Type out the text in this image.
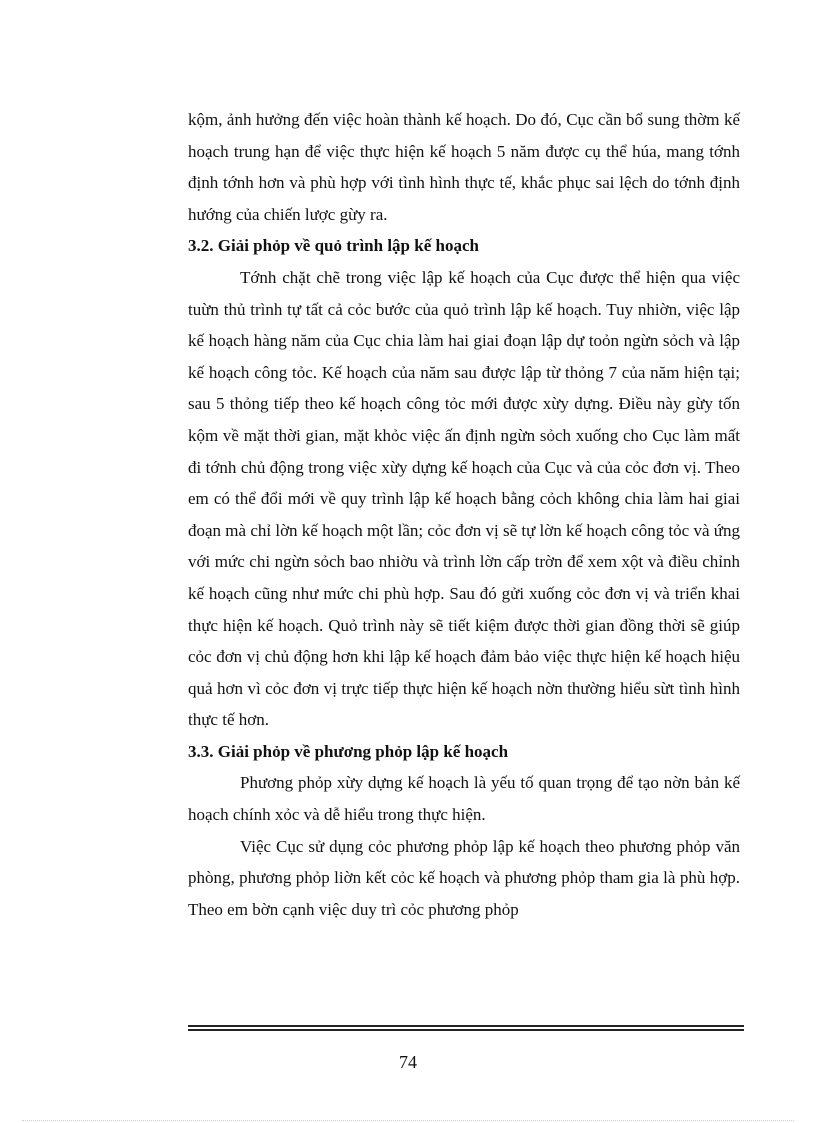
kộm, ảnh hưởng đến việc hoàn thành kế hoạch. Do đó, Cục cần bổ sung thờm kế hoạch trung hạn để việc thực hiện kế hoạch 5 năm được cụ thể húa, mang tớnh định tớnh hơn và phù hợp với tình hình thực tế, khắc phục sai lệch do tớnh định hướng của chiến lược gừy ra.

3.2. Giải phỏp về quỏ trình lập kế hoạch

Tớnh chặt chẽ trong việc lập kế hoạch của Cục được thể hiện qua việc tuừn thủ trình tự tất cả cỏc bước của quỏ trình lập kế hoạch. Tuy nhiờn, việc lập kế hoạch hàng năm của Cục chia làm hai giai đoạn lập dự toỏn ngừn sỏch và lập kế hoạch công tỏc. Kế hoạch của năm sau được lập từ thỏng 7 của năm hiện tại; sau 5 thỏng tiếp theo kế hoạch công tỏc mới được xừy dựng. Điều này gừy tốn kộm về mặt thời gian, mặt khỏc việc ấn định ngừn sỏch xuống cho Cục làm mất đi tớnh chủ động trong việc xừy dựng kế hoạch của Cục và của cỏc đơn vị. Theo em có thể đổi mới về quy trình lập kế hoạch bằng cỏch không chia làm hai giai đoạn mà chỉ lờn kế hoạch một lần; cỏc đơn vị sẽ tự lờn kế hoạch công tỏc và ứng với mức chi ngừn sỏch bao nhiờu và trình lờn cấp trờn để xem xột và điều chỉnh kế hoạch cũng như mức chi phù hợp. Sau đó gửi xuống cỏc đơn vị và triển khai thực hiện kế hoạch. Quỏ trình này sẽ tiết kiệm được thời gian đồng thời sẽ giúp cỏc đơn vị chủ động hơn khi lập kế hoạch đảm bảo việc thực hiện kế hoạch hiệu quả hơn vì cỏc đơn vị trực tiếp thực hiện kế hoạch nờn thường hiểu sừt tình hình thực tế hơn.

3.3. Giải phỏp về phương phỏp lập kế hoạch

Phương phỏp xừy dựng kế hoạch là yếu tố quan trọng để tạo nờn bản kế hoạch chính xỏc và dễ hiểu trong thực hiện.

Việc Cục sử dụng cỏc phương phỏp lập kế hoạch theo phương phỏp văn phòng, phương phỏp liờn kết cỏc kế hoạch và phương phỏp tham gia là phù hợp. Theo em bờn cạnh việc duy trì cỏc phương phỏp

74
